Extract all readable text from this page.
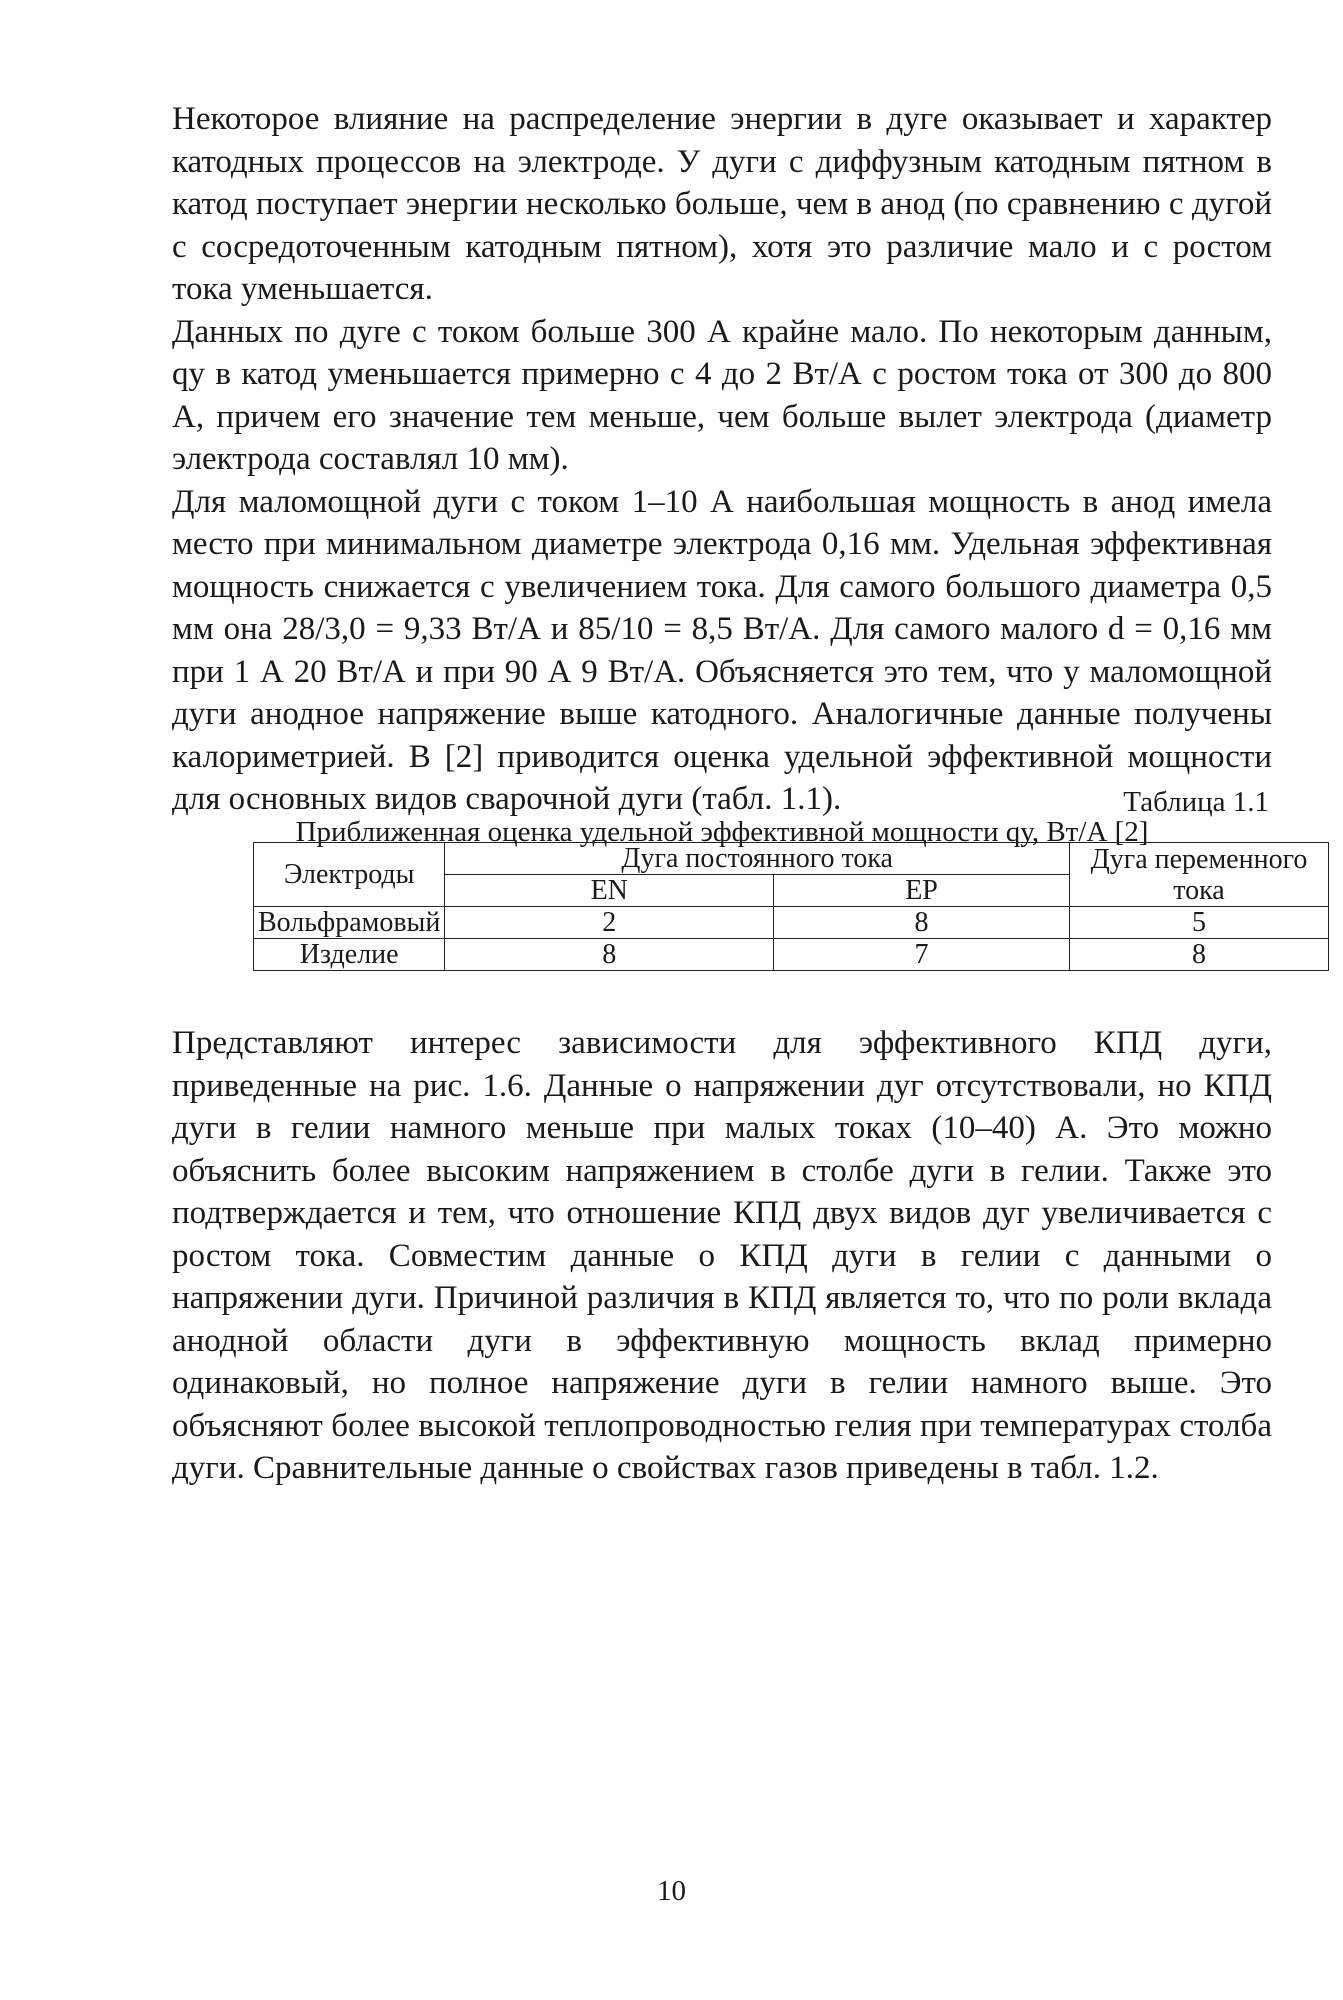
Некоторое влияние на распределение энергии в дуге оказывает и характер катодных процессов на электроде. У дуги с диффузным катодным пятном в катод поступает энергии несколько больше, чем в анод (по сравнению с дугой с сосредоточенным катодным пятном), хотя это различие мало и с ростом тока уменьшается.

Данных по дуге с током больше 300 А крайне мало. По некоторым данным, qу в катод уменьшается примерно с 4 до 2 Вт/А с ростом тока от 300 до 800 А, причем его значение тем меньше, чем больше вылет электрода (диаметр электрода составлял 10 мм).

Для маломощной дуги с током 1–10 А наибольшая мощность в анод имела место при минимальном диаметре электрода 0,16 мм. Удельная эффективная мощность снижается с увеличением тока. Для самого большого диаметра 0,5 мм она 28/3,0 = 9,33 Вт/А и 85/10 = 8,5 Вт/А. Для самого малого d = 0,16 мм при 1 А 20 Вт/А и при 90 А 9 Вт/А. Объясняется это тем, что у маломощной дуги анодное напряжение выше катодного. Аналогичные данные получены калориметрией. В [2] приводится оценка удельной эффективной мощности для основных видов сварочной дуги (табл. 1.1).	Таблица 1.1
Приближенная оценка удельной эффективной мощности qу, Вт/А [2]
Электроды	Дуга постоянного тока		Дуга переменного тока
	EN	EP	
Вольфрамовый	2	8	5
Изделие	8	7	8

Представляют интерес зависимости для эффективного КПД дуги, приведенные на рис. 1.6. Данные о напряжении дуг отсутствовали, но КПД дуги в гелии намного меньше при малых токах (10–40) А. Это можно объяснить более высоким напряжением в столбе дуги в гелии. Также это подтверждается и тем, что отношение КПД двух видов дуг увеличивается с ростом тока. Совместим данные о КПД дуги в гелии с данными о напряжении дуги. Причиной различия в КПД является то, что по роли вклада анодной области дуги в эффективную мощность вклад примерно одинаковый, но полное напряжение дуги в гелии намного выше. Это объясняют более высокой теплопроводностью гелия при температурах столба дуги. Сравнительные данные о свойствах газов приведены в табл. 1.2.

10
